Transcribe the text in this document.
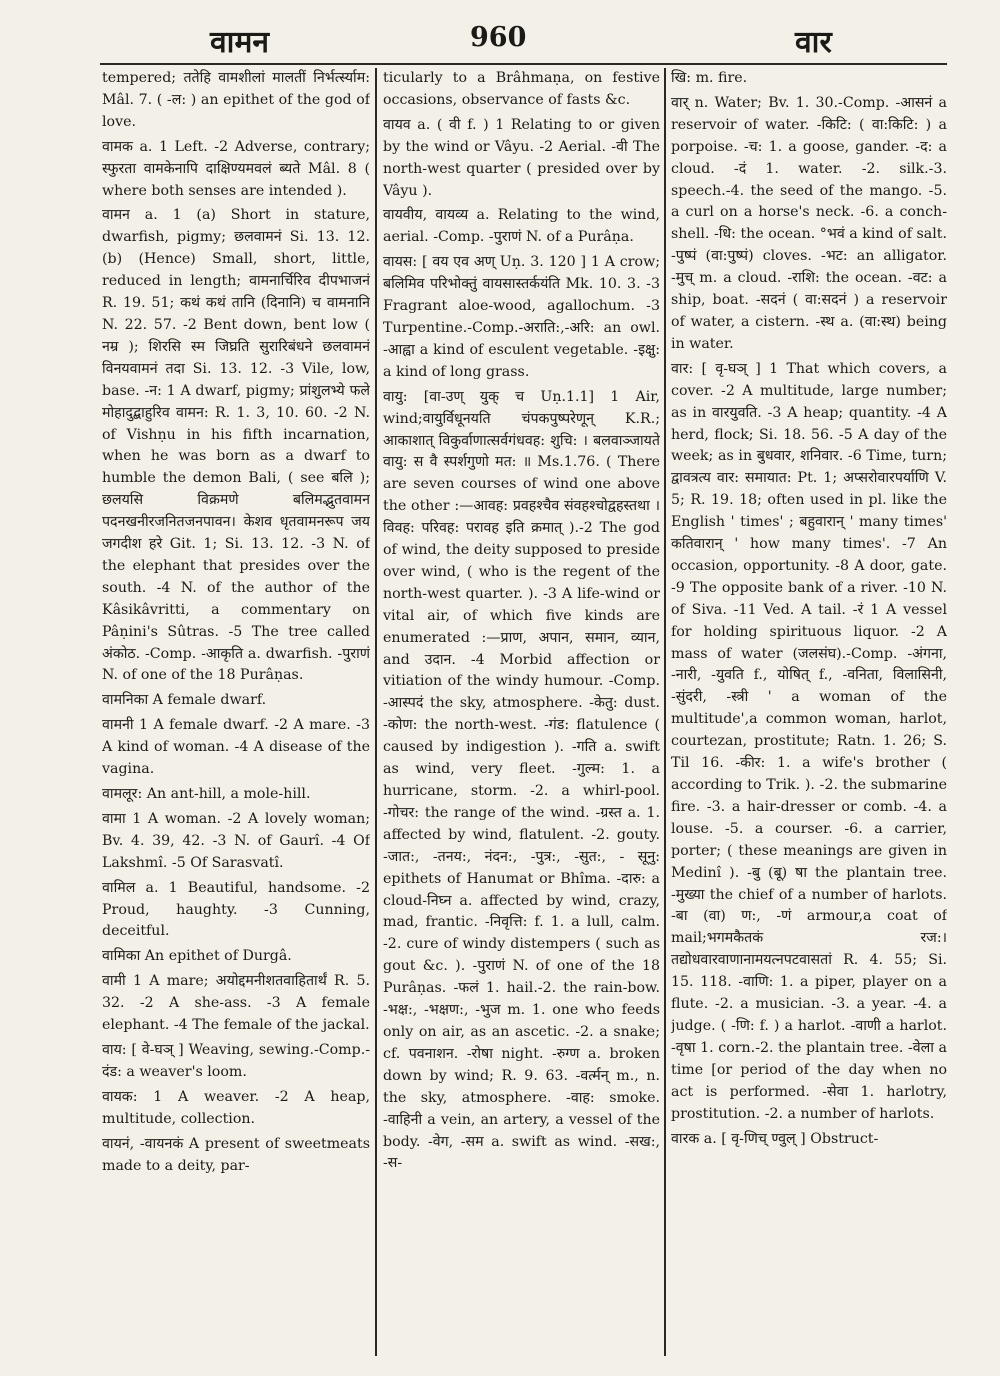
वामन	960	वार

tempered; ततेहि वामशीलां मालतीं निर्भर्त्स्याम: Mâl. 7. ( -ल: ) an epithet of the god of love.

वामक a. 1 Left. -2 Adverse, contrary; स्फुरता वामकेनापि दाक्षिण्यमवलं ब्यते Mâl. 8 ( where both senses are intended ).

वामन a. 1 (a) Short in stature, dwarfish, pigmy; छलवामनं Si. 13. 12. (b) (Hence) Small, short, little, reduced in length; वामनार्चिरिव दीपभाजनं R. 19. 51; कथं कथं तानि (दिनानि) च वामनानि N. 22. 57. -2 Bent down, bent low ( नम्र ); शिरसि स्म जिघ्रति सुरारिबंधने छलवामनं विनयवामनं तदा Si. 13. 12. -3 Vile, low, base. -न: 1 A dwarf, pigmy; प्रांशुलभ्ये फले मोहादुद्बाहुरिव वामन: R. 1. 3, 10. 60. -2 N. of Vishṇu in his fifth incarnation, when he was born as a dwarf to humble the demon Bali, ( see बलि ); छलयसि विक्रमणे बलिमद्भुतवामन पदनखनीरजनितजनपावन। केशव धृतवामनरूप जय जगदीश हरे Git. 1; Si. 13. 12. -3 N. of the elephant that presides over the south. -4 N. of the author of the Kâsikâvritti, a commentary on Pâṇini's Sûtras. -5 The tree called अंकोठ. -Comp. -आकृति a. dwarfish. -पुराणं N. of one of the 18 Purâṇas.

वामनिका A female dwarf.

वामनी 1 A female dwarf. -2 A mare. -3 A kind of woman. -4 A disease of the vagina.

वामलूर: An ant-hill, a mole-hill.

वामा 1 A woman. -2 A lovely woman; Bv. 4. 39, 42. -3 N. of Gaurî. -4 Of Lakshmî. -5 Of Sarasvatî.

वामिल a. 1 Beautiful, handsome. -2 Proud, haughty. -3 Cunning, deceitful.

वामिका An epithet of Durgâ.

वामी 1 A mare; अयोद्दमनीशतवाहितार्थं R. 5. 32. -2 A she-ass. -3 A female elephant. -4 The female of the jackal.

वाय: [ वे-घञ् ] Weaving, sewing.-Comp.-दंड: a weaver's loom.

वायक: 1 A weaver. -2 A heap, multitude, collection.

वायनं, -वायनकं A present of sweetmeats made to a deity, par-

ticularly to a Brâhmaṇa, on festive occasions, observance of fasts &c.

वायव a. ( वी f. ) 1 Relating to or given by the wind or Vâyu. -2 Aerial. -वी The north-west quarter ( presided over by Vâyu ).

वायवीय, वायव्य a. Relating to the wind, aerial. -Comp. -पुराणं N. of a Purâṇa.

वायस: [ वय एव अण् Uṇ. 3. 120 ] 1 A crow; बलिमिव परिभोक्तुं वायसास्तर्कयंति Mk. 10. 3. -3 Fragrant aloe-wood, agallochum. -3 Turpentine.-Comp.-अराति:,-अरि: an owl. -आह्वा a kind of esculent vegetable. -इक्षु: a kind of long grass.

वायु: [वा-उण् युक् च Uṇ.1.1] 1 Air, wind;वायुर्विधूनयति चंपकपुष्परेणून् K.R.; आकाशात् विकुर्वाणात्सर्वगंधवह: शुचि: । बलवाञ्जायते वायु: स वै स्पर्शगुणो मत: ॥ Ms.1.76. ( There are seven courses of wind one above the other :—आवह: प्रवहश्चैव संवहश्चोद्वहस्तथा । विवह: परिवह: परावह इति क्रमात् ).-2 The god of wind, the deity supposed to preside over wind, ( who is the regent of the north-west quarter. ). -3 A life-wind or vital air, of which five kinds are enumerated :—प्राण, अपान, समान, व्यान, and उदान. -4 Morbid affection or vitiation of the windy humour. -Comp. -आस्पदं the sky, atmosphere. -केतु: dust. -कोण: the north-west. -गंड: flatulence ( caused by indigestion ). -गति a. swift as wind, very fleet. -गुल्म: 1. a hurricane, storm. -2. a whirl-pool. -गोचर: the range of the wind. -ग्रस्त a. 1. affected by wind, flatulent. -2. gouty. -जात:, -तनय:, नंदन:, -पुत्र:, -सुत:, - सूनु: epithets of Hanumat or Bhîma. -दारु: a cloud-निघ्न a. affected by wind, crazy, mad, frantic. -निवृत्ति: f. 1. a lull, calm. -2. cure of windy distempers ( such as gout &c. ). -पुराणं N. of one of the 18 Purâṇas. -फलं 1. hail.-2. the rain-bow. -भक्ष:, -भक्षण:, -भुज m. 1. one who feeds only on air, as an ascetic. -2. a snake; cf. पवनाशन. -रोषा night. -रुग्ण a. broken down by wind; R. 9. 63. -वर्त्मन् m., n. the sky, atmosphere. -वाह: smoke. -वाहिनी a vein, an artery, a vessel of the body. -वेग, -सम a. swift as wind. -सख:, -स-

खि: m. fire.

वार् n. Water; Bv. 1. 30.-Comp. -आसनं a reservoir of water. -किटि: ( वा:किटि: ) a porpoise. -च: 1. a goose, gander. -द: a cloud. -दं 1. water. -2. silk.-3. speech.-4. the seed of the mango. -5. a curl on a horse's neck. -6. a conch-shell. -धि: the ocean. °भवं a kind of salt. -पुष्पं (वा:पुष्पं) cloves. -भट: an alligator. -मुच् m. a cloud. -राशि: the ocean. -वट: a ship, boat. -सदनं ( वा:सदनं ) a reservoir of water, a cistern. -स्थ a. (वा:स्थ) being in water.

वार: [ वृ-घञ् ] 1 That which covers, a cover. -2 A multitude, large number; as in वारयुवति. -3 A heap; quantity. -4 A herd, flock; Si. 18. 56. -5 A day of the week; as in बुधवार, शनिवार. -6 Time, turn; द्वावत्रत्य वार: समायात: Pt. 1; अप्सरोवारपर्याणि V. 5; R. 19. 18; often used in pl. like the English ' times' ; बहुवारान् ' many times' कतिवारान् ' how many times'. -7 An occasion, opportunity. -8 A door, gate. -9 The opposite bank of a river. -10 N. of Siva. -11 Ved. A tail. -रं 1 A vessel for holding spirituous liquor. -2 A mass of water (जलसंघ).-Comp. -अंगना, -नारी, -युवति f., योषित् f., -वनिता, विलासिनी, -सुंदरी, -स्त्री ' a woman of the multitude',a common woman, harlot, courtezan, prostitute; Ratn. 1. 26; S. Til 16. -कीर: 1. a wife's brother ( according to Trik. ). -2. the submarine fire. -3. a hair-dresser or comb. -4. a louse. -5. a courser. -6. a carrier, porter; ( these meanings are given in Medinî ). -बु (बू) षा the plantain tree. -मुख्या the chief of a number of harlots. -बा (वा) ण:, -णं armour,a coat of mail;भगमकैतकं रज:। तद्योधवारवाणानामयत्नपटवासतां R. 4. 55; Si. 15. 118. -वाणि: 1. a piper, player on a flute. -2. a musician. -3. a year. -4. a judge. ( -णि: f. ) a harlot. -वाणी a harlot. -वृषा 1. corn.-2. the plantain tree. -वेला a time [or period of the day when no act is performed. -सेवा 1. harlotry, prostitution. -2. a number of harlots.

वारक a. [ वृ-णिच् ण्वुल् ] Obstruct-
